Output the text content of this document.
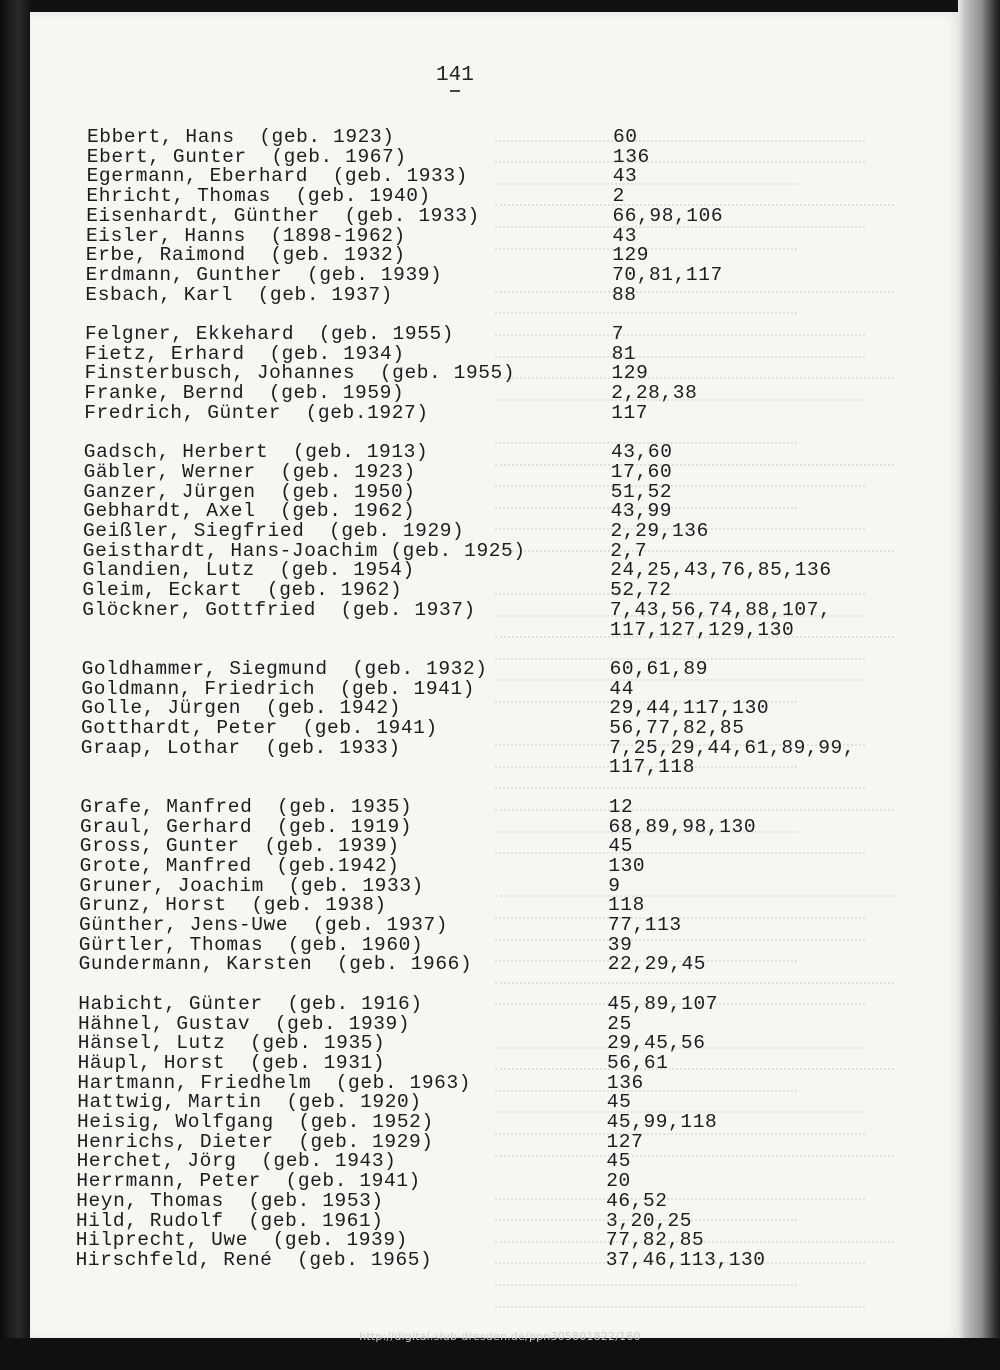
141
Ebbert, Hans  (geb. 1923)	60
Ebert, Gunter  (geb. 1967)	136
Egermann, Eberhard  (geb. 1933)	43
Ehricht, Thomas  (geb. 1940)	2
Eisenhardt, Günther  (geb. 1933)	66,98,106
Eisler, Hanns  (1898-1962)	43
Erbe, Raimond  (geb. 1932)	129
Erdmann, Gunther  (geb. 1939)	70,81,117
Esbach, Karl  (geb. 1937)	88
Felgner, Ekkehard  (geb. 1955)	7
Fietz, Erhard  (geb. 1934)	81
Finsterbusch, Johannes  (geb. 1955)	129
Franke, Bernd  (geb. 1959)	2,28,38
Fredrich, Günter  (geb.1927)	117
Gadsch, Herbert  (geb. 1913)	43,60
Gäbler, Werner  (geb. 1923)	17,60
Ganzer, Jürgen  (geb. 1950)	51,52
Gebhardt, Axel  (geb. 1962)	43,99
Geißler, Siegfried  (geb. 1929)	2,29,136
Geisthardt, Hans-Joachim (geb. 1925)	2,7
Glandien, Lutz  (geb. 1954)	24,25,43,76,85,136
Gleim, Eckart  (geb. 1962)	52,72
Glöckner, Gottfried  (geb. 1937)	7,43,56,74,88,107,
117,127,129,130
Goldhammer, Siegmund  (geb. 1932)	60,61,89
Goldmann, Friedrich  (geb. 1941)	44
Golle, Jürgen  (geb. 1942)	29,44,117,130
Gotthardt, Peter  (geb. 1941)	56,77,82,85
Graap, Lothar  (geb. 1933)	7,25,29,44,61,89,99,
117,118
Grafe, Manfred  (geb. 1935)	12
Graul, Gerhard  (geb. 1919)	68,89,98,130
Gross, Gunter  (geb. 1939)	45
Grote, Manfred  (geb.1942)	130
Gruner, Joachim  (geb. 1933)	9
Grunz, Horst  (geb. 1938)	118
Günther, Jens-Uwe  (geb. 1937)	77,113
Gürtler, Thomas  (geb. 1960)	39
Gundermann, Karsten  (geb. 1966)	22,29,45
Habicht, Günter  (geb. 1916)	45,89,107
Hähnel, Gustav  (geb. 1939)	25
Hänsel, Lutz  (geb. 1935)	29,45,56
Häupl, Horst  (geb. 1931)	56,61
Hartmann, Friedhelm  (geb. 1963)	136
Hattwig, Martin  (geb. 1920)	45
Heisig, Wolfgang  (geb. 1952)	45,99,118
Henrichs, Dieter  (geb. 1929)	127
Herchet, Jörg  (geb. 1943)	45
Herrmann, Peter  (geb. 1941)	20
Heyn, Thomas  (geb. 1953)	46,52
Hild, Rudolf  (geb. 1961)	3,20,25
Hilprecht, Uwe  (geb. 1939)	77,82,85
Hirschfeld, René  (geb. 1965)	37,46,113,130
http://digital.slub-dresden.de/ppn305801822/160
